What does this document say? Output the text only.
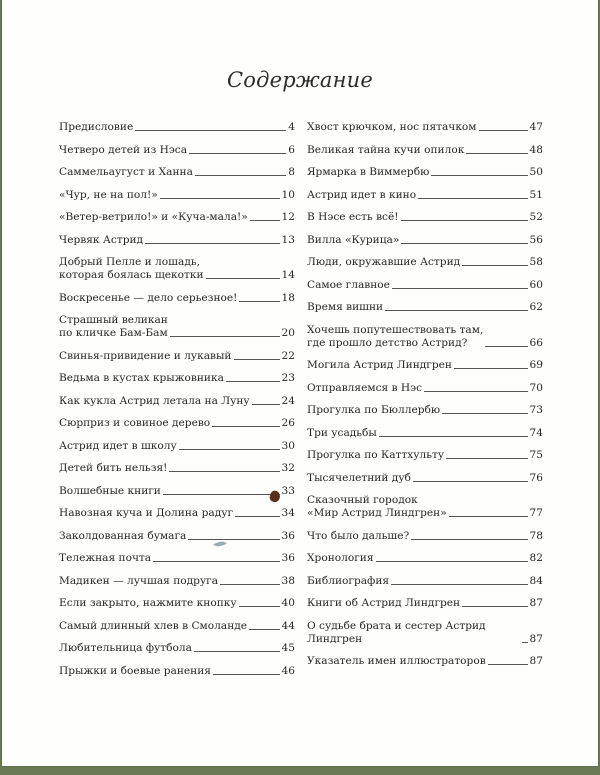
Содержание
Предисловие	4
Четверо детей из Нэса	6
Саммельаугуст и Ханна	8
«Чур, не на пол!»	10
«Ветер-ветрило!» и «Куча-мала!»	12
Червяк Астрид	13
Добрый Пелле и лошадь,
которая боялась щекотки	14
Воскресенье — дело серьезное!	18
Страшный великан
по кличке Бам-Бам	20
Свинья-привидение и лукавый	22
Ведьма в кустах крыжовника	23
Как кукла Астрид летала на Луну	24
Сюрприз и совиное дерево	26
Астрид идет в школу	30
Детей бить нельзя!	32
Волшебные книги	33
Навозная куча и Долина радуг	34
Заколдованная бумага	36
Тележная почта	36
Мадикен — лучшая подруга	38
Если закрыто, нажмите кнопку	40
Самый длинный хлев в Смоланде	44
Любительница футбола	45
Прыжки и боевые ранения	46
Хвост крючком, нос пятачком	47
Великая тайна кучи опилок	48
Ярмарка в Виммербю	50
Астрид идет в кино	51
В Нэсе есть всё!	52
Вилла «Курица»	56
Люди, окружавшие Астрид	58
Самое главное	60
Время вишни	62
Хочешь попутешествовать там,
где прошло детство Астрид?	66
Могила Астрид Линдгрен	69
Отправляемся в Нэс	70
Прогулка по Бюллербю	73
Три усадьбы	74
Прогулка по Каттхульту	75
Тысячелетний дуб	76
Сказочный городок
«Мир Астрид Линдгрен»	77
Что было дальше?	78
Хронология	82
Библиография	84
Книги об Астрид Линдгрен	87
О судьбе брата и сестер Астрид Линдгрен	87
Указатель имен иллюстраторов	87
